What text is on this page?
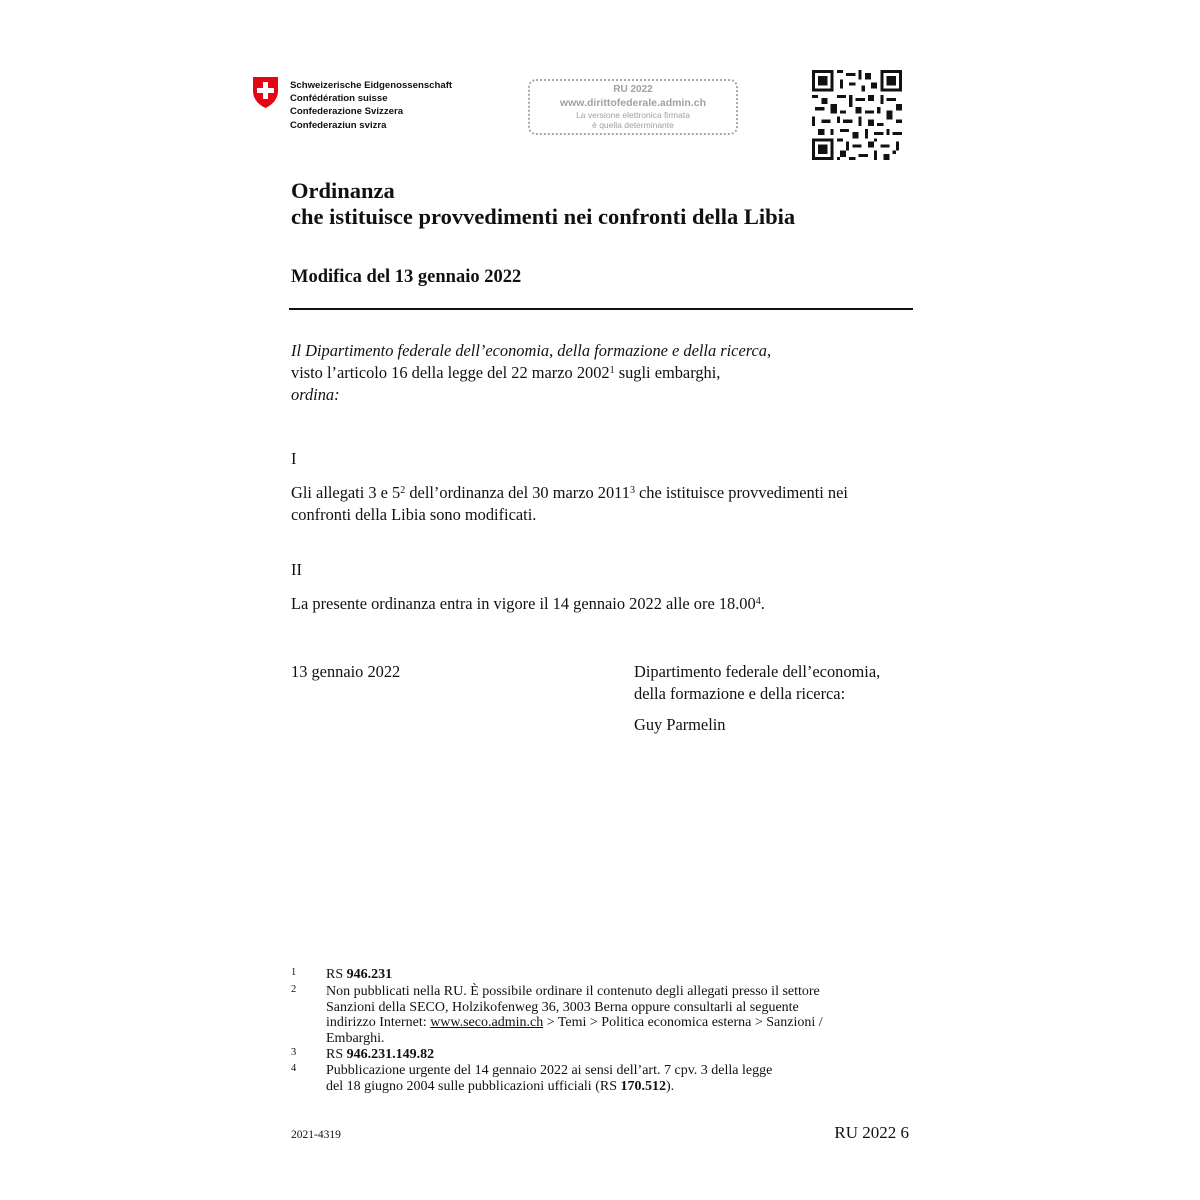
Schweizerische Eidgenossenschaft
Confédération suisse
Confederazione Svizzera
Confederaziun svizra
RU 2022
www.dirittofederale.admin.ch
La versione elettronica firmata
è quella determinante
Ordinanza
che istituisce provvedimenti nei confronti della Libia
Modifica del 13 gennaio 2022
Il Dipartimento federale dell’economia, della formazione e della ricerca,
visto l’articolo 16 della legge del 22 marzo 2002$^1$ sugli embarghi,
ordina:
I
Gli allegati 3 e 5$^2$ dell’ordinanza del 30 marzo 2011$^3$ che istituisce provvedimenti nei
confronti della Libia sono modificati.
II
La presente ordinanza entra in vigore il 14 gennaio 2022 alle ore 18.00$^4$.
13 gennaio 2022	Dipartimento federale dell’economia,
della formazione e della ricerca:
Guy Parmelin
1 RS 946.231
2 Non pubblicati nella RU. È possibile ordinare il contenuto degli allegati presso il settore
Sanzioni della SECO, Holzikofenweg 36, 3003 Berna oppure consultarli al seguente
indirizzo Internet: www.seco.admin.ch > Temi > Politica economica esterna > Sanzioni /
Embarghi.
3 RS 946.231.149.82
4 Pubblicazione urgente del 14 gennaio 2022 ai sensi dell’art. 7 cpv. 3 della legge
del 18 giugno 2004 sulle pubblicazioni ufficiali (RS 170.512).
2021-4319	RU 2022 6
